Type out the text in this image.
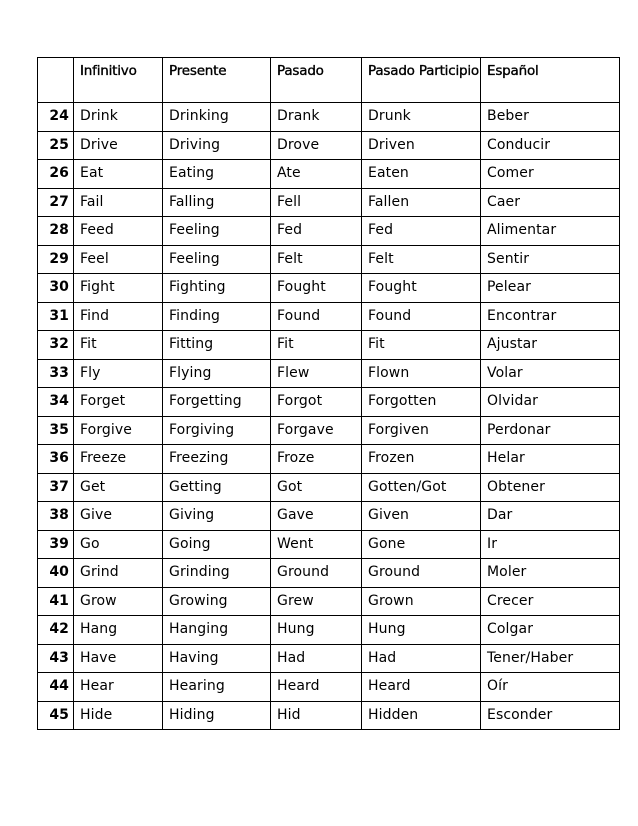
	Infinitivo	Presente	Pasado	Pasado Participio	Español
24	Drink	Drinking	Drank	Drunk	Beber
25	Drive	Driving	Drove	Driven	Conducir
26	Eat	Eating	Ate	Eaten	Comer
27	Fail	Falling	Fell	Fallen	Caer
28	Feed	Feeling	Fed	Fed	Alimentar
29	Feel	Feeling	Felt	Felt	Sentir
30	Fight	Fighting	Fought	Fought	Pelear
31	Find	Finding	Found	Found	Encontrar
32	Fit	Fitting	Fit	Fit	Ajustar
33	Fly	Flying	Flew	Flown	Volar
34	Forget	Forgetting	Forgot	Forgotten	Olvidar
35	Forgive	Forgiving	Forgave	Forgiven	Perdonar
36	Freeze	Freezing	Froze	Frozen	Helar
37	Get	Getting	Got	Gotten/Got	Obtener
38	Give	Giving	Gave	Given	Dar
39	Go	Going	Went	Gone	Ir
40	Grind	Grinding	Ground	Ground	Moler
41	Grow	Growing	Grew	Grown	Crecer
42	Hang	Hanging	Hung	Hung	Colgar
43	Have	Having	Had	Had	Tener/Haber
44	Hear	Hearing	Heard	Heard	Oír
45	Hide	Hiding	Hid	Hidden	Esconder
